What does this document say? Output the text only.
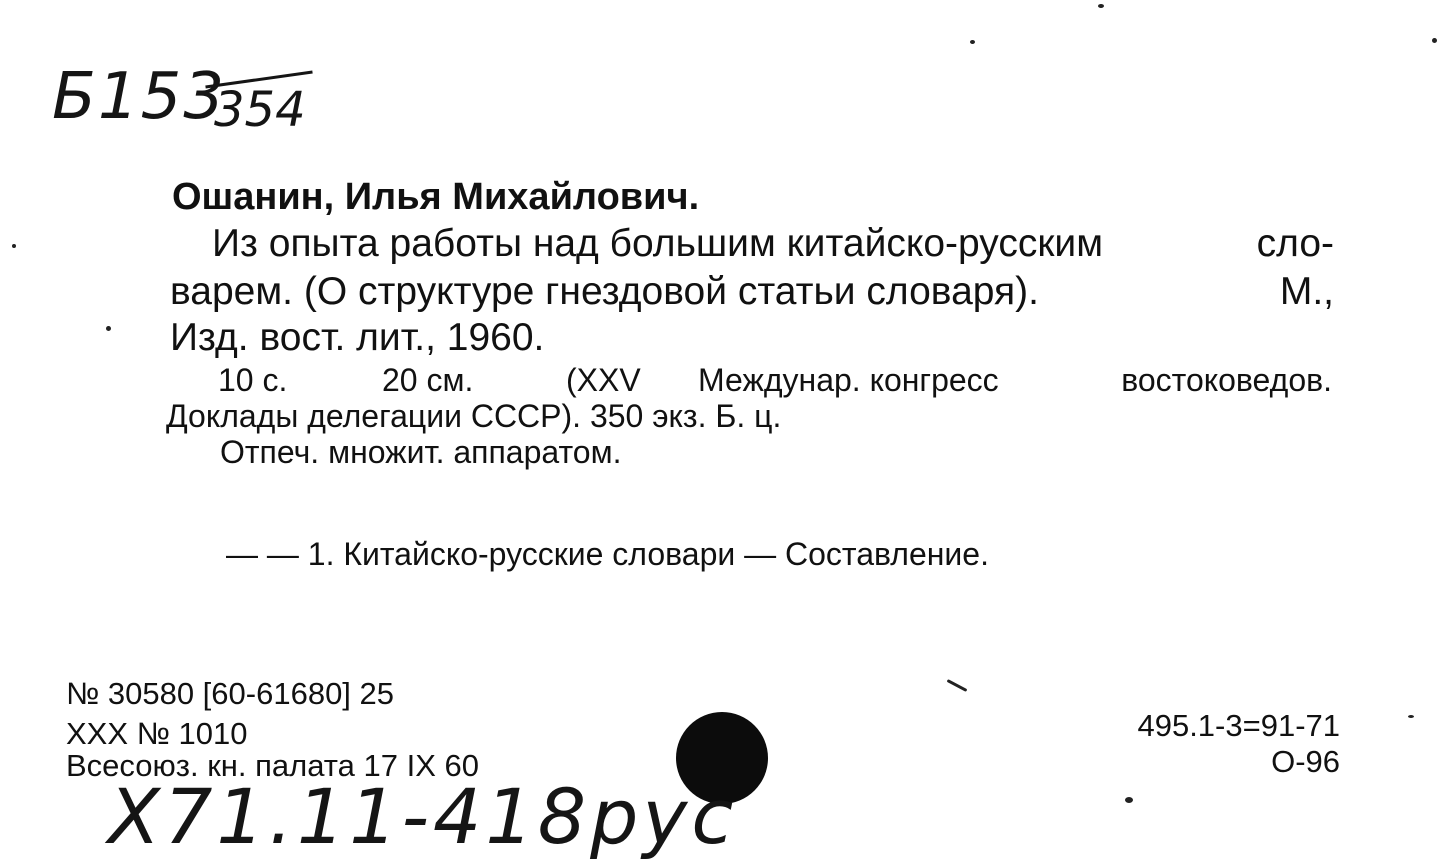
Б153
354
Ошанин, Илья Михайлович.
Из опыта работы над большим китайско-русским	сло-
варем. (О структуре гнездовой статьи словаря).	М.,
Изд. вост. лит., 1960.
10 с.	20 см.	(XXV Междунар. конгресс	востоковедов.
Доклады делегации СССР). 350 экз. Б. ц.
Отпеч. множит. аппаратом.
— — 1. Китайско-русские словари — Составление.
№ 30580 [60-61680] 25
XXX № 1010
Всесоюз. кн. палата 17 IX 60
495.1-3=91-71
О-96
Х71.11-418рус
